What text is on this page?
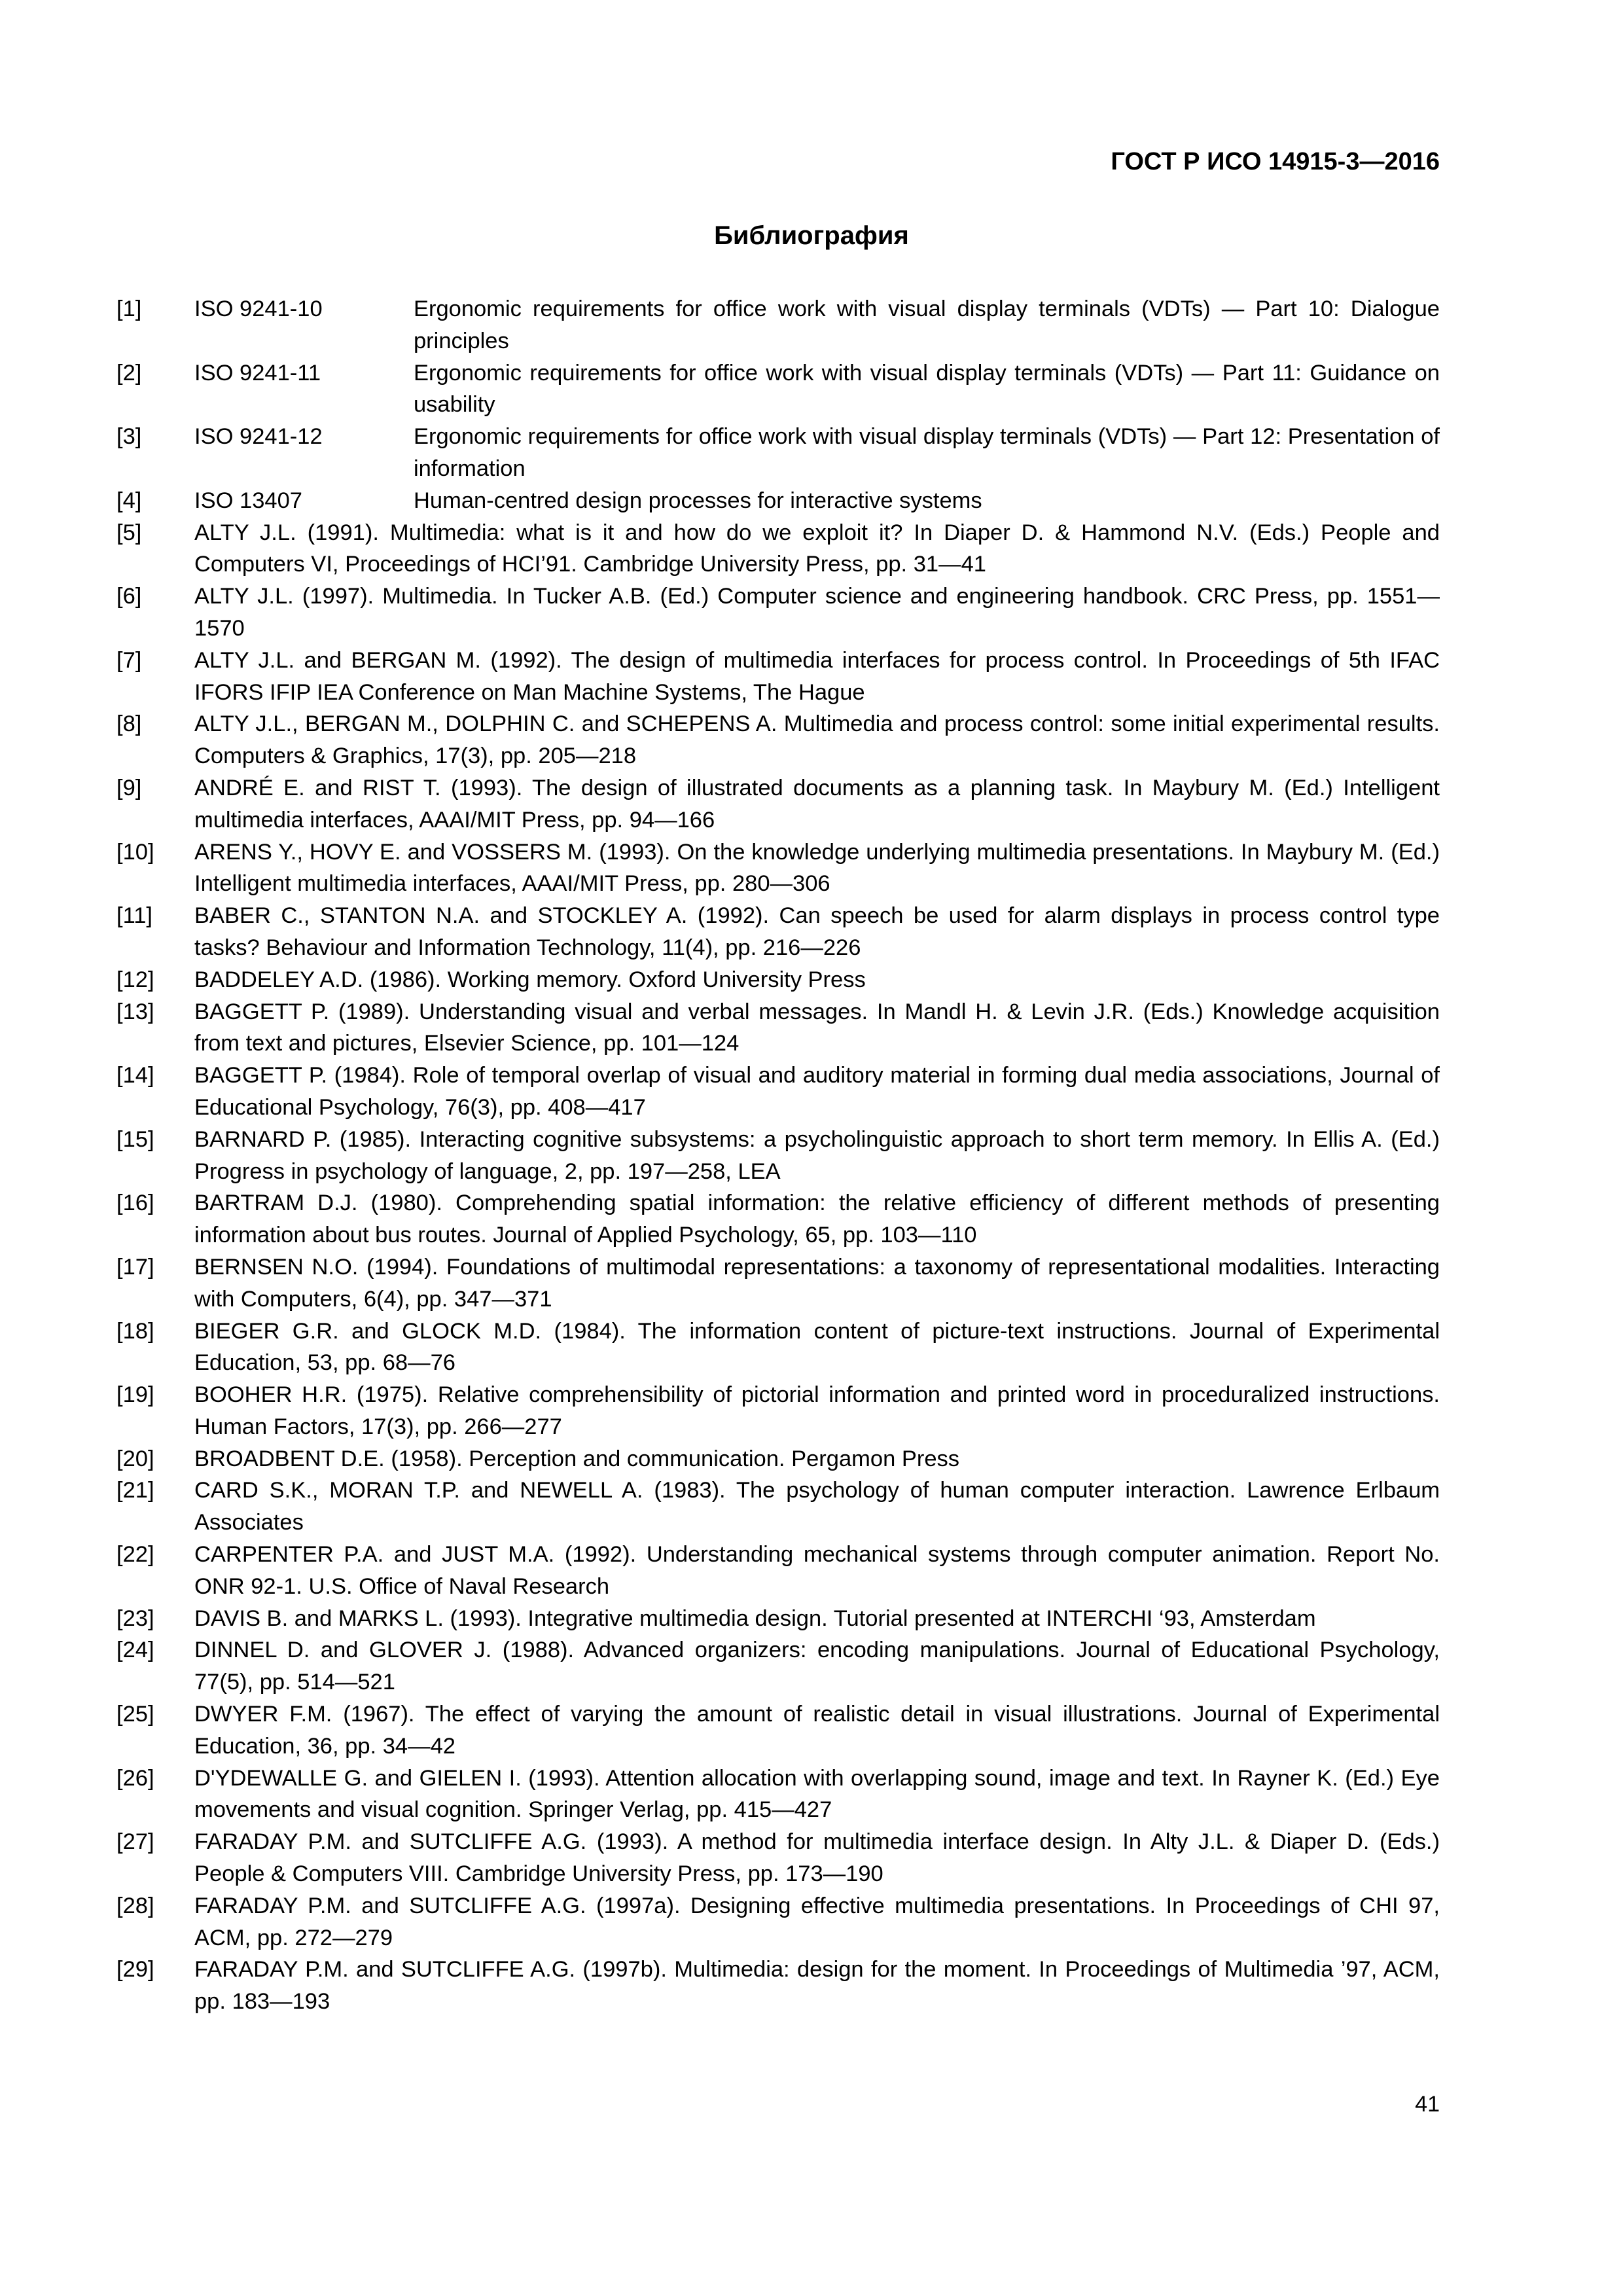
ГОСТ Р ИСО 14915-3—2016
Библиография
[1]	ISO 9241-10	Ergonomic requirements for office work with visual display terminals (VDTs) — Part 10: Dialogue principles
[2]	ISO 9241-11	Ergonomic requirements for office work with visual display terminals (VDTs) — Part 11: Guidance on usability
[3]	ISO 9241-12	Ergonomic requirements for office work with visual display terminals (VDTs) — Part 12: Presentation of information
[4]	ISO 13407	Human-centred design processes for interactive systems
[5]	ALTY J.L. (1991). Multimedia: what is it and how do we exploit it? In Diaper D. & Hammond N.V. (Eds.) People and Computers VI, Proceedings of HCI’91. Cambridge University Press, pp. 31—41
[6]	ALTY J.L. (1997). Multimedia. In Tucker A.B. (Ed.) Computer science and engineering handbook. CRC Press, pp. 1551—1570
[7]	ALTY J.L. and BERGAN M. (1992). The design of multimedia interfaces for process control. In Proceedings of 5th IFAC IFORS IFIP IEA Conference on Man Machine Systems, The Hague
[8]	ALTY J.L., BERGAN M., DOLPHIN C. and SCHEPENS A. Multimedia and process control: some initial experimental results. Computers & Graphics, 17(3), pp. 205—218
[9]	ANDRÉ E. and RIST T. (1993). The design of illustrated documents as a planning task. In Maybury M. (Ed.) Intelligent multimedia interfaces, AAAI/MIT Press, pp. 94—166
[10]	ARENS Y., HOVY E. and VOSSERS M. (1993). On the knowledge underlying multimedia presentations. In Maybury M. (Ed.) Intelligent multimedia interfaces, AAAI/MIT Press, pp. 280—306
[11]	BABER C., STANTON N.A. and STOCKLEY A. (1992). Can speech be used for alarm displays in process control type tasks? Behaviour and Information Technology, 11(4), pp. 216—226
[12]	BADDELEY A.D. (1986). Working memory. Oxford University Press
[13]	BAGGETT P. (1989). Understanding visual and verbal messages. In Mandl H. & Levin J.R. (Eds.) Knowledge acquisition from text and pictures, Elsevier Science, pp. 101—124
[14]	BAGGETT P. (1984). Role of temporal overlap of visual and auditory material in forming dual media associations, Journal of Educational Psychology, 76(3), pp. 408—417
[15]	BARNARD P. (1985). Interacting cognitive subsystems: a psycholinguistic approach to short term memory. In Ellis A. (Ed.) Progress in psychology of language, 2, pp. 197—258, LEA
[16]	BARTRAM D.J. (1980). Comprehending spatial information: the relative efficiency of different methods of presenting information about bus routes. Journal of Applied Psychology, 65, pp. 103—110
[17]	BERNSEN N.O. (1994). Foundations of multimodal representations: a taxonomy of representational modalities. Interacting with Computers, 6(4), pp. 347—371
[18]	BIEGER G.R. and GLOCK M.D. (1984). The information content of picture-text instructions. Journal of Experimental Education, 53, pp. 68—76
[19]	BOOHER H.R. (1975). Relative comprehensibility of pictorial information and printed word in proceduralized instructions. Human Factors, 17(3), pp. 266—277
[20]	BROADBENT D.E. (1958). Perception and communication. Pergamon Press
[21]	CARD S.K., MORAN T.P. and NEWELL A. (1983). The psychology of human computer interaction. Lawrence Erlbaum Associates
[22]	CARPENTER P.A. and JUST M.A. (1992). Understanding mechanical systems through computer animation. Report No. ONR 92-1. U.S. Office of Naval Research
[23]	DAVIS B. and MARKS L. (1993). Integrative multimedia design. Tutorial presented at INTERCHI ‘93, Amsterdam
[24]	DINNEL D. and GLOVER J. (1988). Advanced organizers: encoding manipulations. Journal of Educational Psychology, 77(5), pp. 514—521
[25]	DWYER F.M. (1967). The effect of varying the amount of realistic detail in visual illustrations. Journal of Experimental Education, 36, pp. 34—42
[26]	D'YDEWALLE G. and GIELEN I. (1993). Attention allocation with overlapping sound, image and text. In Rayner K. (Ed.) Eye movements and visual cognition. Springer Verlag, pp. 415—427
[27]	FARADAY P.M. and SUTCLIFFE A.G. (1993). A method for multimedia interface design. In Alty J.L. & Diaper D. (Eds.) People & Computers VIII. Cambridge University Press, pp. 173—190
[28]	FARADAY P.M. and SUTCLIFFE A.G. (1997a). Designing effective multimedia presentations. In Proceedings of CHI 97, ACM, pp. 272—279
[29]	FARADAY P.M. and SUTCLIFFE A.G. (1997b). Multimedia: design for the moment. In Proceedings of Multimedia ’97, ACM, pp. 183—193
41
